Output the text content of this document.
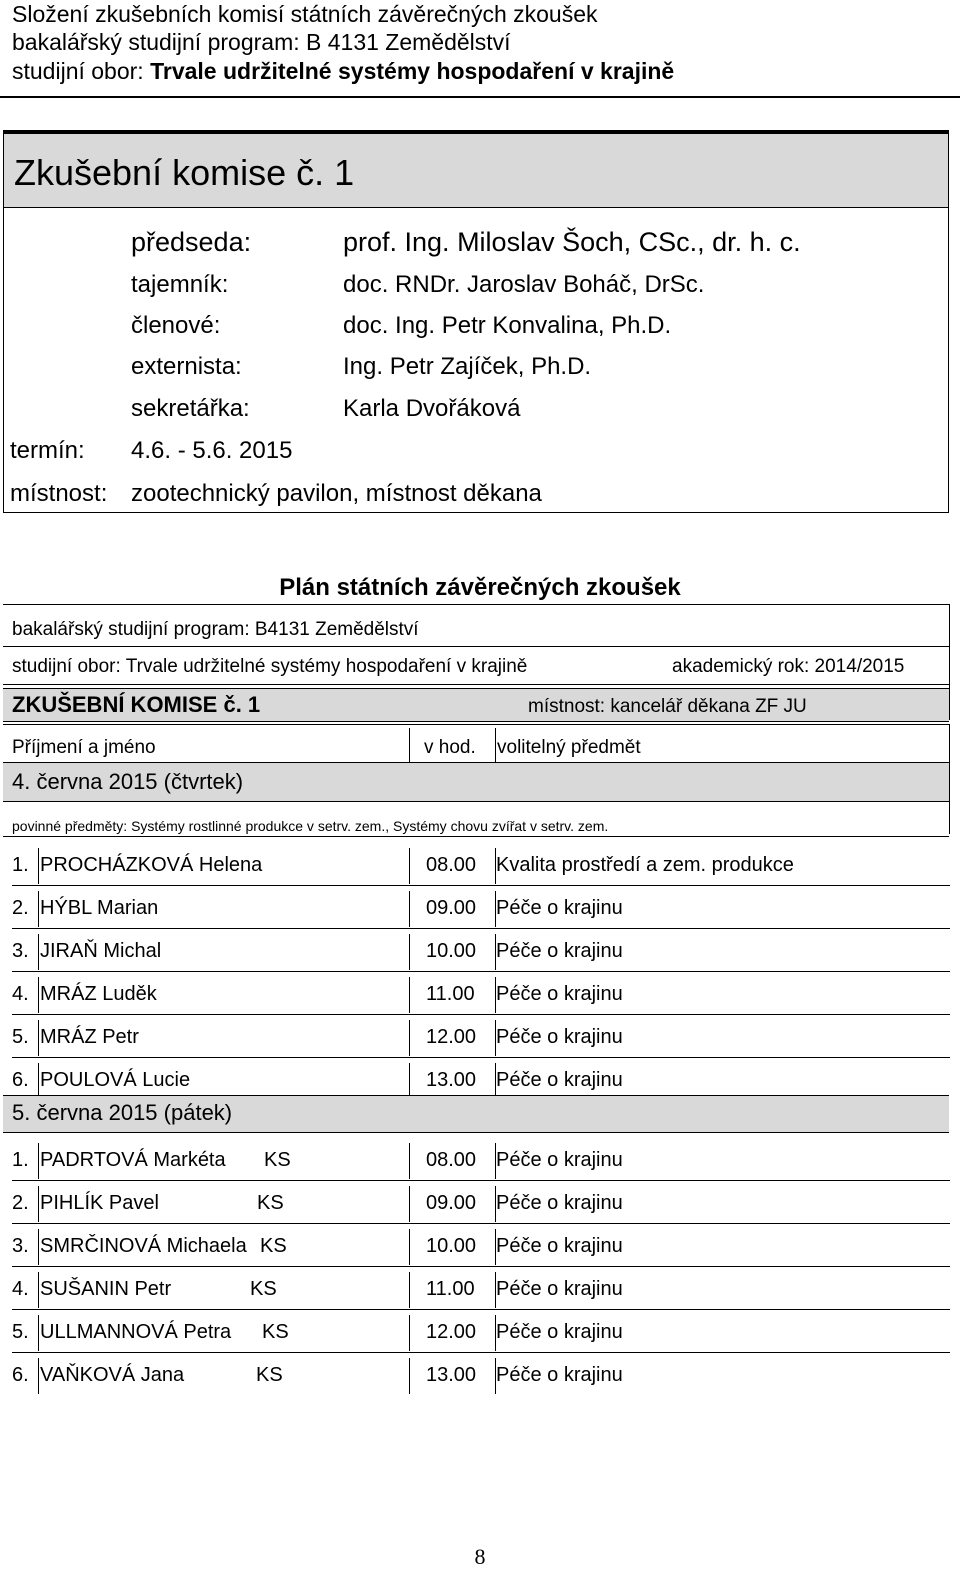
Složení zkušebních komisí státních závěrečných zkoušek
bakalářský studijní program: B 4131 Zemědělství
studijní obor: Trvale udržitelné systémy hospodaření v krajině
Zkušební komise č. 1
předseda:	prof. Ing. Miloslav Šoch, CSc., dr. h. c.
tajemník:	doc. RNDr. Jaroslav Boháč, DrSc.
členové:	doc. Ing. Petr Konvalina, Ph.D.
externista:	Ing. Petr Zajíček, Ph.D.
sekretářka:	Karla Dvořáková
termín: 4.6. - 5.6. 2015
místnost: zootechnický pavilon, místnost děkana
Plán státních závěrečných zkoušek
bakalářský studijní program: B4131 Zemědělství
studijní obor: Trvale udržitelné systémy hospodaření v krajině	akademický rok: 2014/2015
ZKUŠEBNÍ KOMISE č. 1	místnost: kancelář děkana ZF JU
Příjmení a jméno	v hod. volitelný předmět
4. června 2015 (čtvrtek)
povinné předměty: Systémy rostlinné produkce v setrv. zem., Systémy chovu zvířat v setrv. zem.
1. PROCHÁZKOVÁ Helena	08.00 Kvalita prostředí a zem. produkce
2. HÝBL Marian	09.00 Péče o krajinu
3. JIRAŇ Michal	10.00 Péče o krajinu
4. MRÁZ Luděk	11.00 Péče o krajinu
5. MRÁZ Petr	12.00 Péče o krajinu
6. POULOVÁ Lucie	13.00 Péče o krajinu
5. června 2015 (pátek)
1. PADRTOVÁ Markéta KS	08.00 Péče o krajinu
2. PIHLÍK Pavel	KS	09.00 Péče o krajinu
3. SMRČINOVÁ Michaela KS	10.00 Péče o krajinu
4. SUŠANIN Petr	KS	11.00 Péče o krajinu
5. ULLMANNOVÁ Petra KS	12.00 Péče o krajinu
6. VAŇKOVÁ Jana	KS	13.00 Péče o krajinu
8
